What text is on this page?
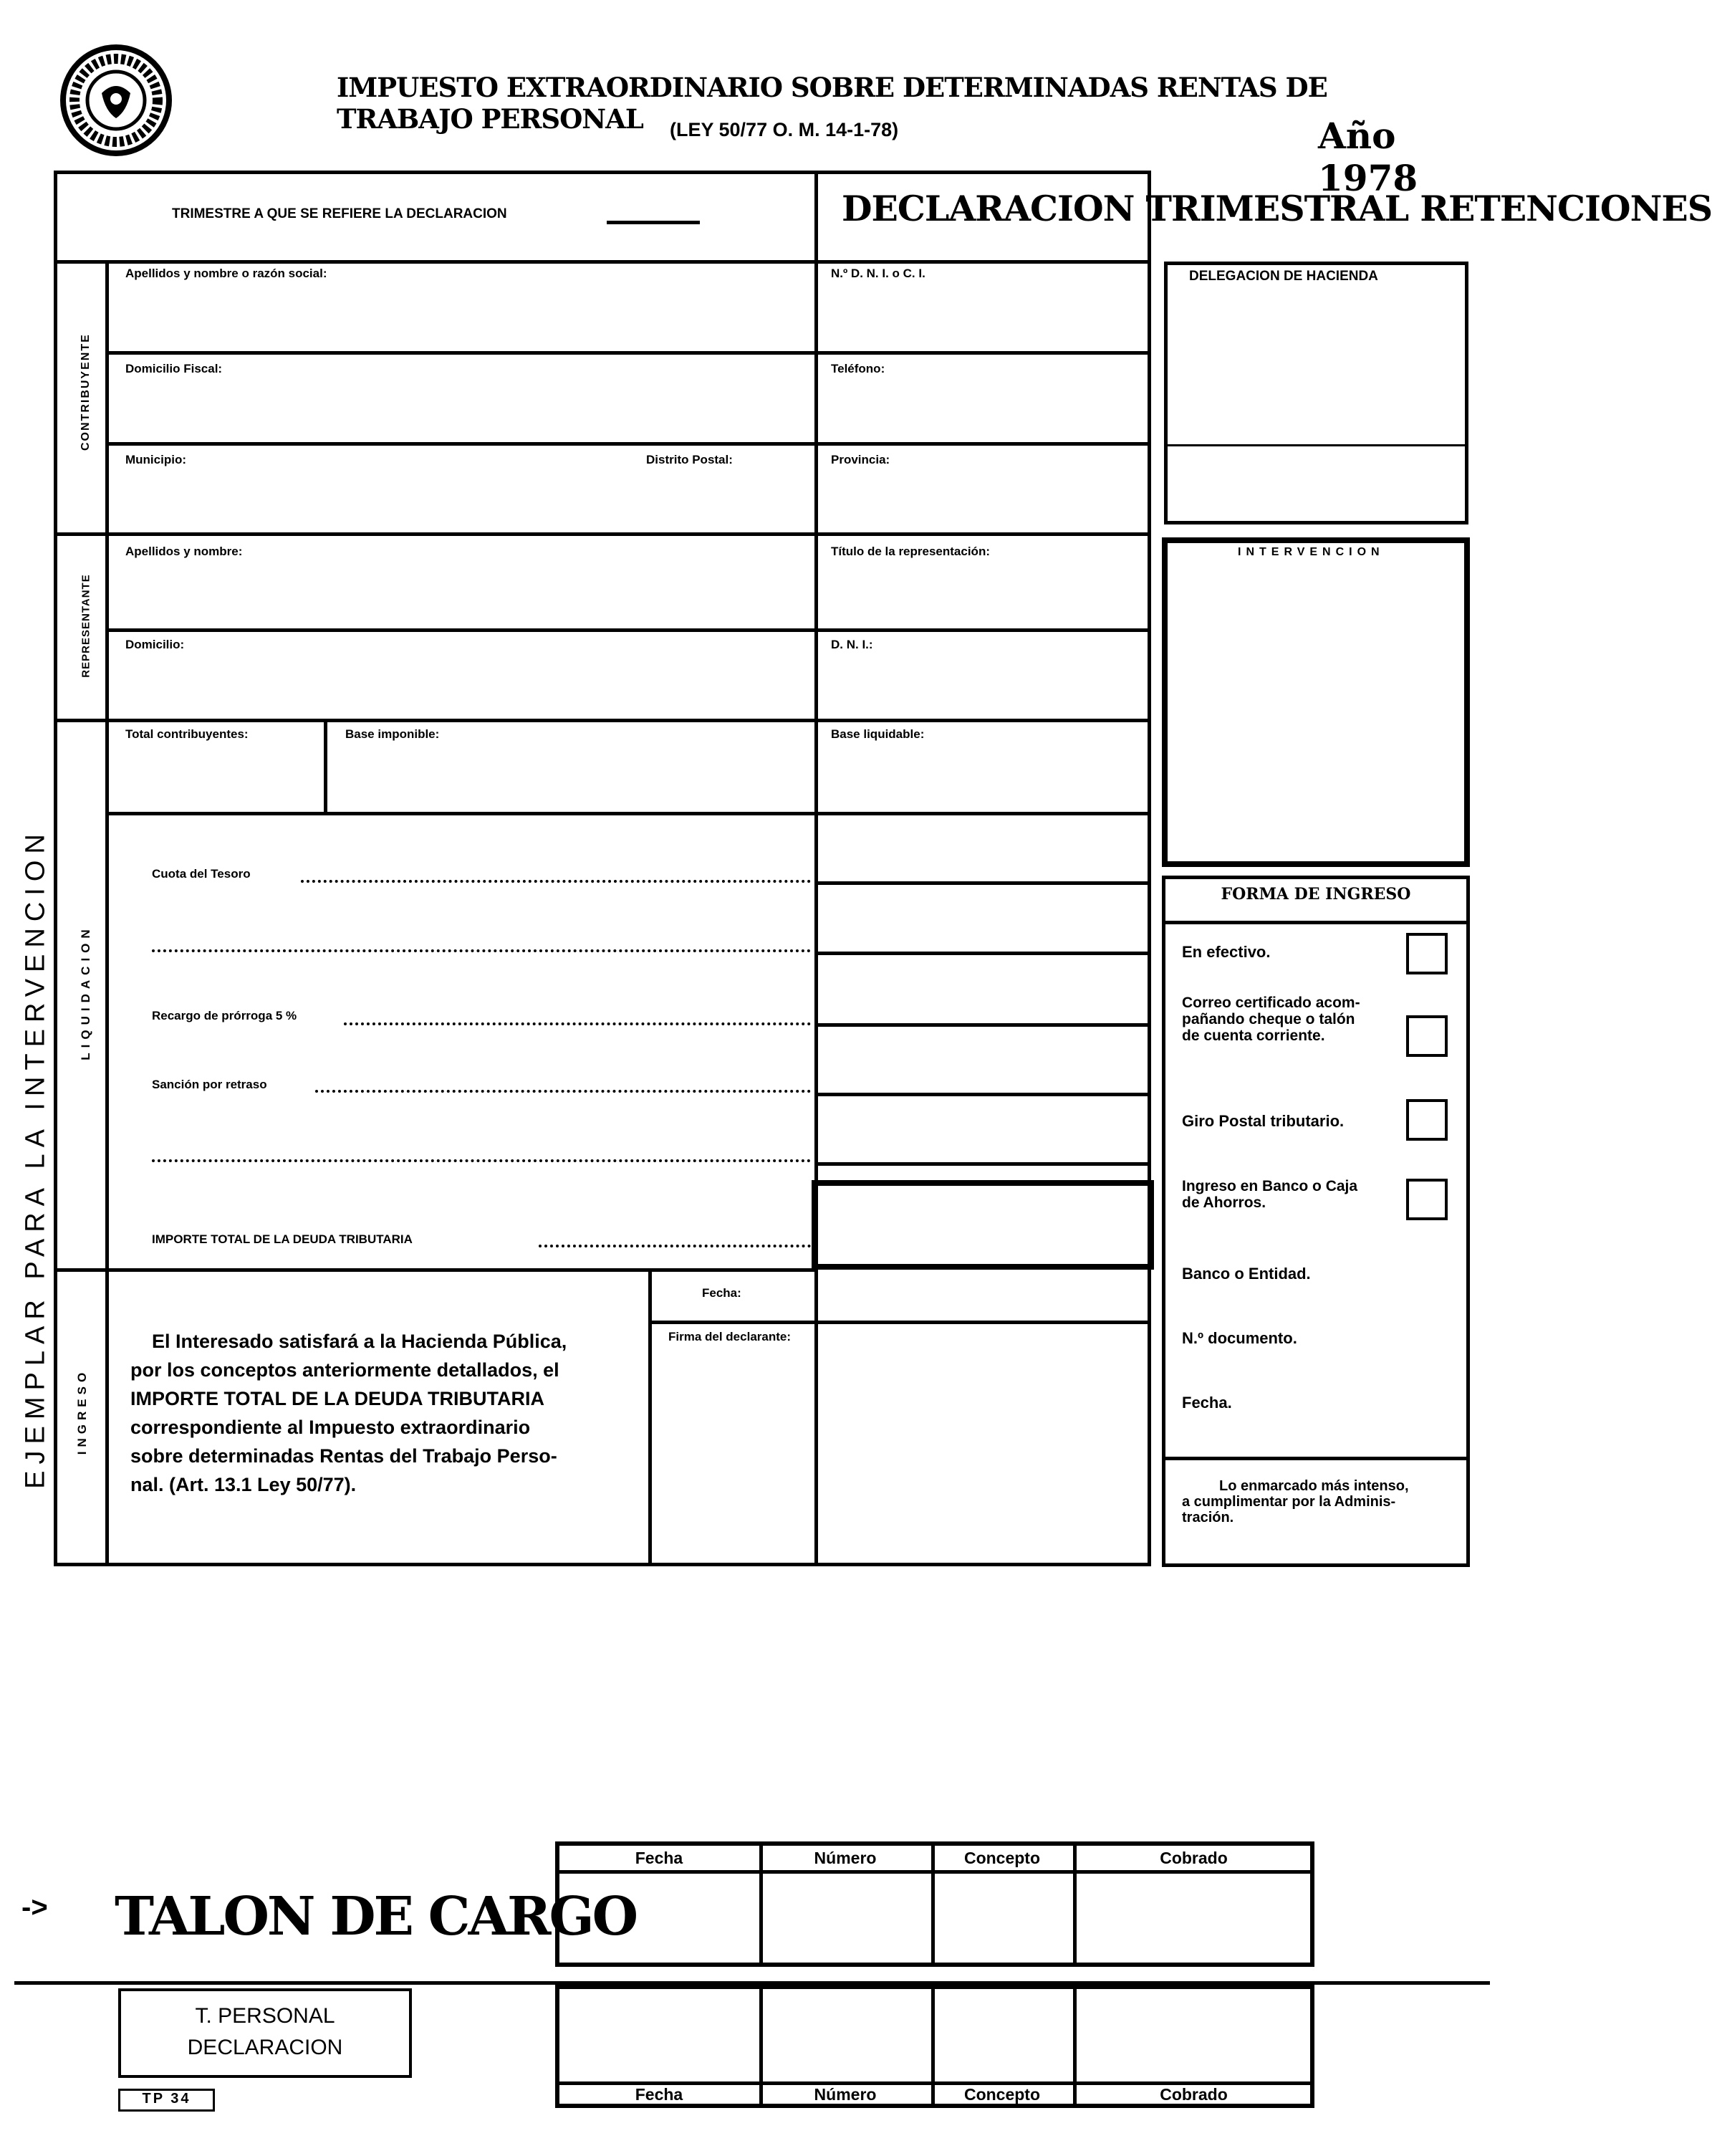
IMPUESTO EXTRAORDINARIO SOBRE DETERMINADAS RENTAS DE TRABAJO PERSONAL	(LEY 50/77 O. M. 14-1-78)	Año 1978
TRIMESTRE A QUE SE REFIERE LA DECLARACION	DECLARACION TRIMESTRAL RETENCIONES
CONTRIBUYENTE
Apellidos y nombre o razón social:	N.º D. N. I. o C. I.
Domicilio Fiscal:	Teléfono:
Municipio:	Distrito Postal:	Provincia:
REPRESENTANTE
Apellidos y nombre:	Título de la representación:
Domicilio:	D. N. I.:
LIQUIDACION
Total contribuyentes:	Base imponible:	Base liquidable:
Cuota del Tesoro
Recargo de prórroga 5 %
Sanción por retraso
IMPORTE TOTAL DE LA DEUDA TRIBUTARIA
INGRESO
Fecha:
Firma del declarante:
El Interesado satisfará a la Hacienda Pública,
por los conceptos anteriormente detallados, el
IMPORTE TOTAL DE LA DEUDA TRIBUTARIA
correspondiente al Impuesto extraordinario
sobre determinadas Rentas del Trabajo Perso-
nal. (Art. 13.1 Ley 50/77).
EJEMPLAR PARA LA INTERVENCION
DELEGACION DE HACIENDA
INTERVENCION
FORMA DE INGRESO
En efectivo.
Correo certificado acom-
pañando cheque o talón
de cuenta corriente.
Giro Postal tributario.
Ingreso en Banco o Caja
de Ahorros.
Banco o Entidad.
N.º documento.
Fecha.
Lo enmarcado más intenso,
a cumplimentar por la Adminis-
tración.
-> TALON DE CARGO
Fecha	Número	Concepto	Cobrado
Fecha	Número	Concepto	Cobrado
T. PERSONAL
DECLARACION
TP 34
